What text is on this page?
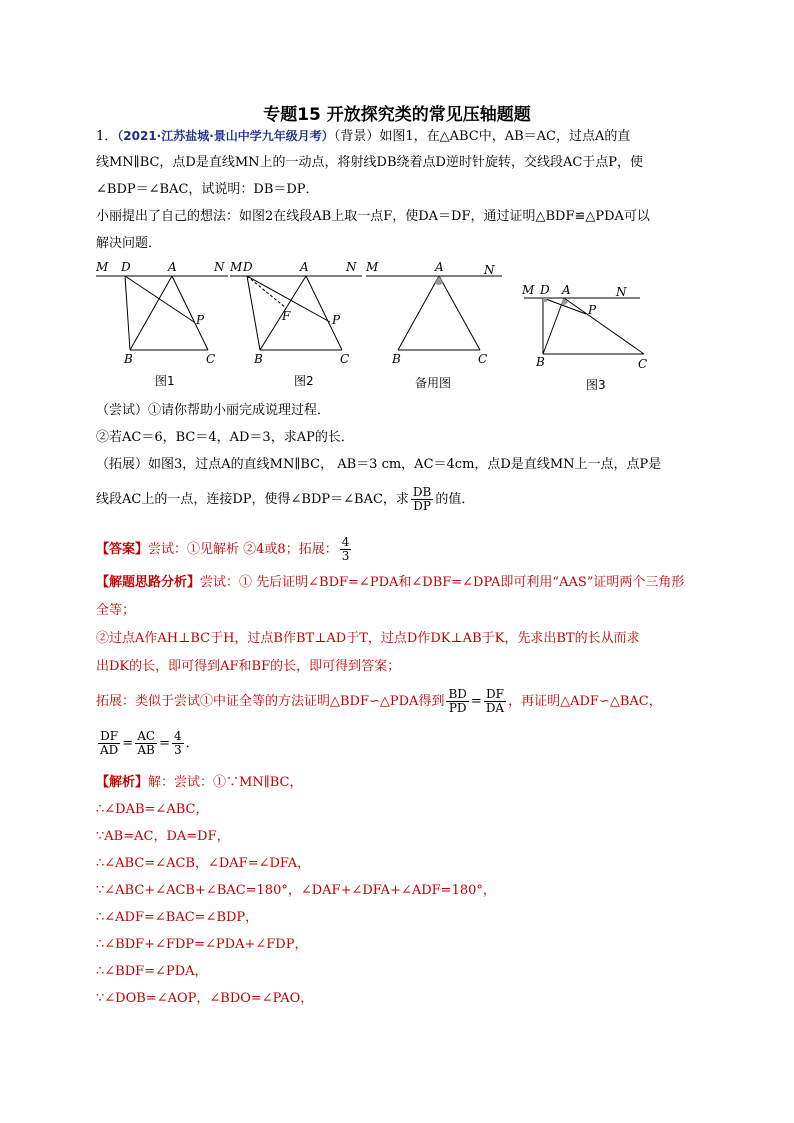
专题15 开放探究类的常见压轴题题
1．（2021·江苏盐城·景山中学九年级月考）（背景）如图1，在△ABC中，AB＝AC，过点A的直
线MN∥BC，点D是直线MN上的一动点，将射线DB绕着点D逆时针旋转，交线段AC于点P，使
∠BDP＝∠BAC，试说明：DB＝DP．
小丽提出了自己的想法：如图2在线段AB上取一点F，使DA＝DF，通过证明△BDF≌△PDA可以
解决问题．
M D	A	N
P
B	C
图1
M D	A	N
F	P
B	C
图2
M	A	N
B	C
备用图
M D A	N
P
B	C
图3
（尝试）①请你帮助小丽完成说理过程．
②若AC＝6，BC＝4，AD＝3，求AP的长．
（拓展）如图3，过点A的直线MN∥BC， AB＝3 cm，AC＝4cm，点D是直线MN上一点，点P是
线段AC上的一点，连接DP，使得∠BDP＝∠BAC，求 $\frac{DB}{DP}$ 的值．
【答案】尝试：①见解析 ②4或8；拓展： $\frac{4}{3}$
【解题思路分析】尝试：① 先后证明∠BDF=∠PDA和∠DBF=∠DPA即可利用“AAS”证明两个三角形
全等；
②过点A作AH⊥BC于H，过点B作BT⊥AD于T，过点D作DK⊥AB于K，先求出BT的长从而求
出DK的长，即可得到AF和BF的长，即可得到答案；
拓展：类似于尝试①中证全等的方法证明△BDF∽△PDA得到 $\frac{BD}{PD} = \frac{DF}{DA}$ ，再证明△ADF∽△BAC，
$\frac{DF}{AD} = \frac{AC}{AB} = \frac{4}{3}$ ．
【解析】解：尝试：①∵MN∥BC，
∴∠DAB=∠ABC，
∵AB=AC，DA=DF，
∴∠ABC=∠ACB，∠DAF=∠DFA，
∵∠ABC+∠ACB+∠BAC=180°，∠DAF+∠DFA+∠ADF=180°，
∴∠ADF=∠BAC=∠BDP，
∴∠BDF+∠FDP=∠PDA+∠FDP，
∴∠BDF=∠PDA，
∵∠DOB=∠AOP，∠BDO=∠PAO，
